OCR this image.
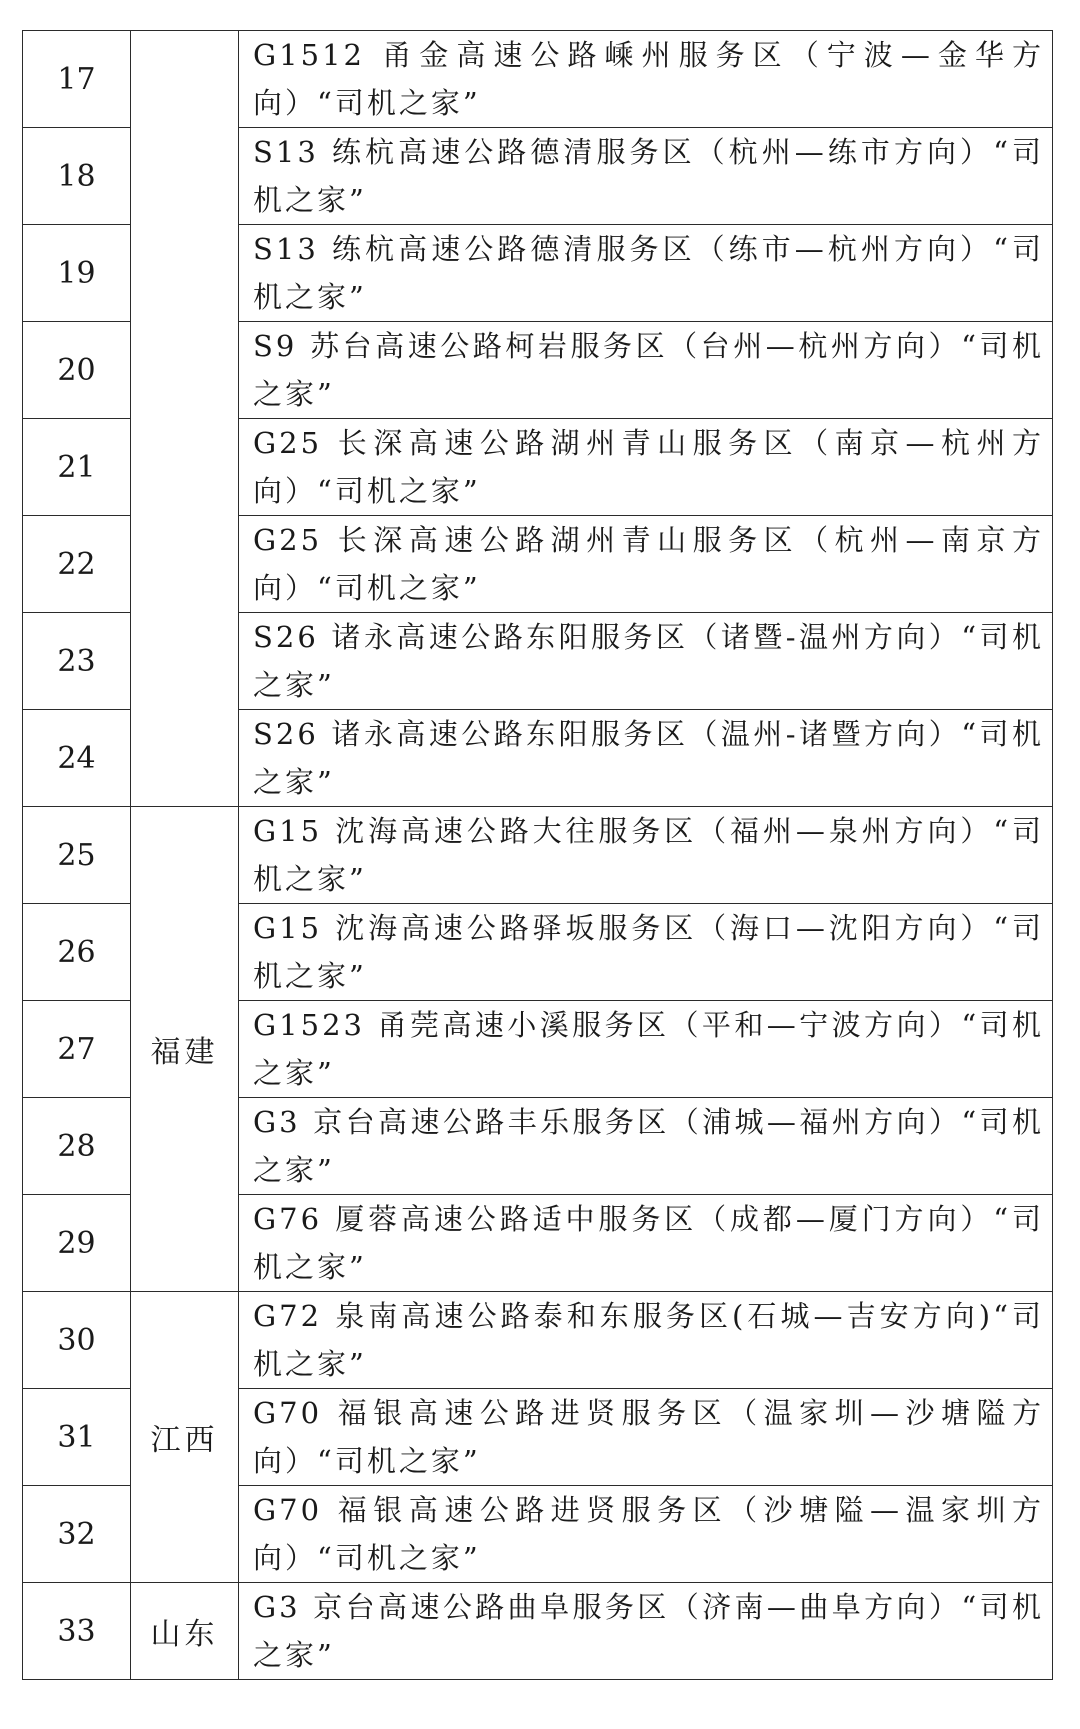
17		G1512 甬金高速公路嵊州服务区（宁波—金华方向）“司机之家”
18		S13 练杭高速公路德清服务区（杭州—练市方向）“司机之家”
19		S13 练杭高速公路德清服务区（练市—杭州方向）“司机之家”
20		S9 苏台高速公路柯岩服务区（台州—杭州方向）“司机之家”
21		G25 长深高速公路湖州青山服务区（南京—杭州方向）“司机之家”
22		G25 长深高速公路湖州青山服务区（杭州—南京方向）“司机之家”
23		S26 诸永高速公路东阳服务区（诸暨-温州方向）“司机之家”
24		S26 诸永高速公路东阳服务区（温州-诸暨方向）“司机之家”
25	福建	G15 沈海高速公路大往服务区（福州—泉州方向）“司机之家”
26		G15 沈海高速公路驿坂服务区（海口—沈阳方向）“司机之家”
27		G1523 甬莞高速小溪服务区（平和—宁波方向）“司机之家”
28		G3 京台高速公路丰乐服务区（浦城—福州方向）“司机之家”
29		G76 厦蓉高速公路适中服务区（成都—厦门方向）“司机之家”
30	江西	G72 泉南高速公路泰和东服务区(石城—吉安方向)“司机之家”
31		G70 福银高速公路进贤服务区（温家圳—沙塘隘方向）“司机之家”
32		G70 福银高速公路进贤服务区（沙塘隘—温家圳方向）“司机之家”
33	山东	G3 京台高速公路曲阜服务区（济南—曲阜方向）“司机之家”
